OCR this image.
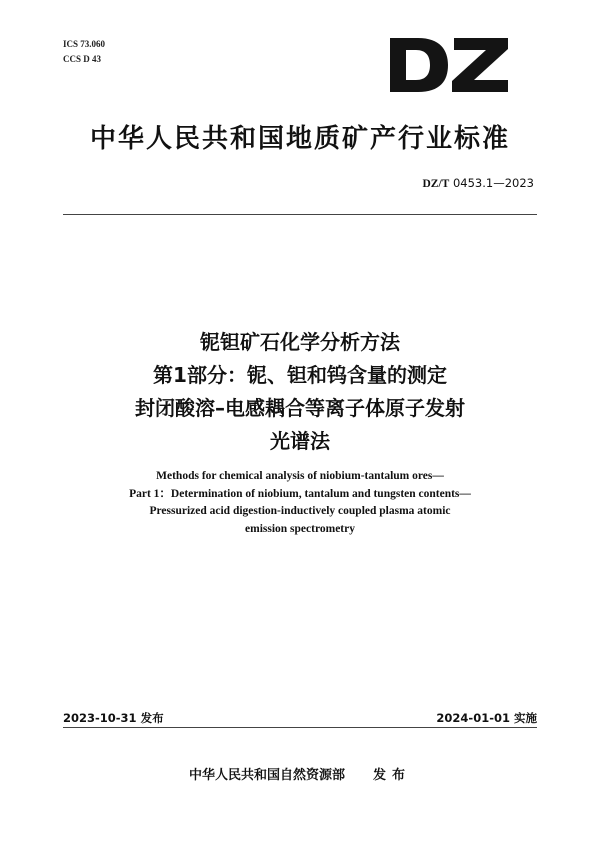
ICS 73.060
CCS D 43
中华人民共和国地质矿产行业标准
DZ/T 0453.1—2023
铌钽矿石化学分析方法
第1部分：铌、钽和钨含量的测定
封闭酸溶–电感耦合等离子体原子发射
光谱法
Methods for chemical analysis of niobium-tantalum ores—
Part 1：Determination of niobium, tantalum and tungsten contents—
Pressurized acid digestion-inductively coupled plasma atomic
emission spectrometry
2023-10-31 发布	2024-01-01 实施
中华人民共和国自然资源部 发布
